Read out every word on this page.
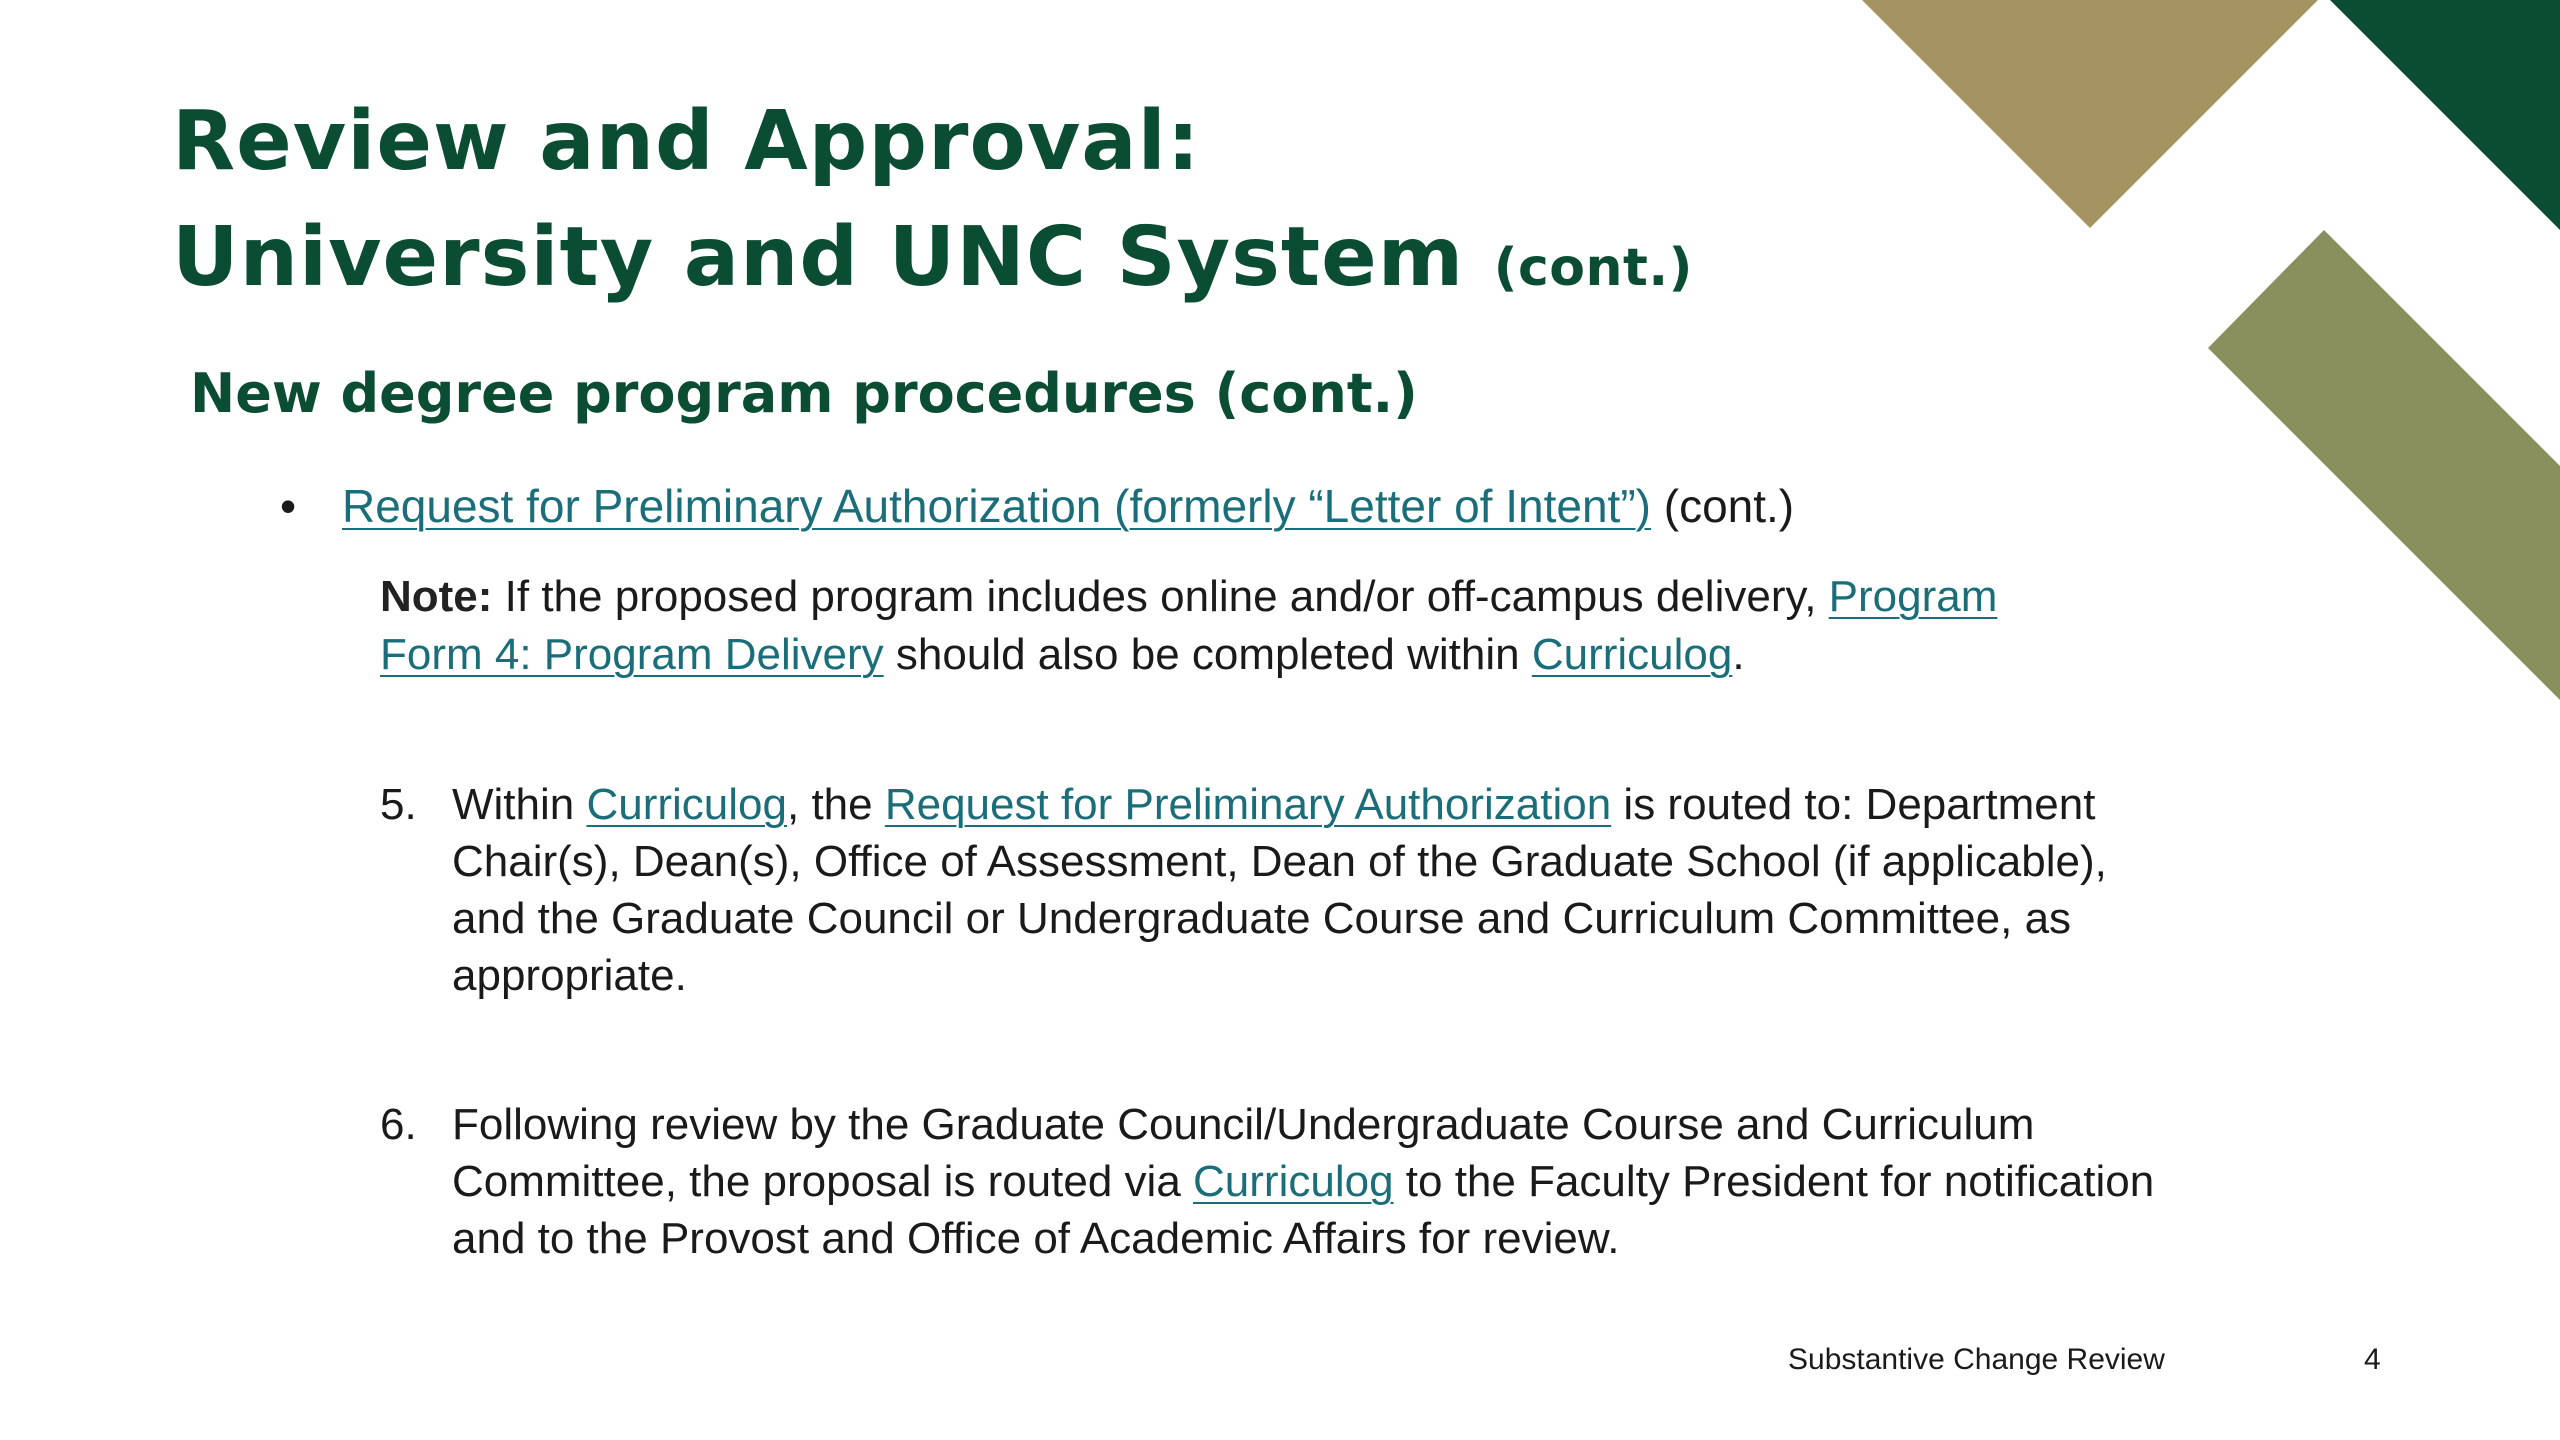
Review and Approval:
University and UNC System (cont.)
New degree program procedures (cont.)
• Request for Preliminary Authorization (formerly “Letter of Intent”) (cont.)
Note: If the proposed program includes online and/or off-campus delivery, Program Form 4: Program Delivery should also be completed within Curriculog.
5. Within Curriculog, the Request for Preliminary Authorization is routed to: Department Chair(s), Dean(s), Office of Assessment, Dean of the Graduate School (if applicable), and the Graduate Council or Undergraduate Course and Curriculum Committee, as appropriate.
6. Following review by the Graduate Council/Undergraduate Course and Curriculum Committee, the proposal is routed via Curriculog to the Faculty President for notification and to the Provost and Office of Academic Affairs for review.
Substantive Change Review	4
